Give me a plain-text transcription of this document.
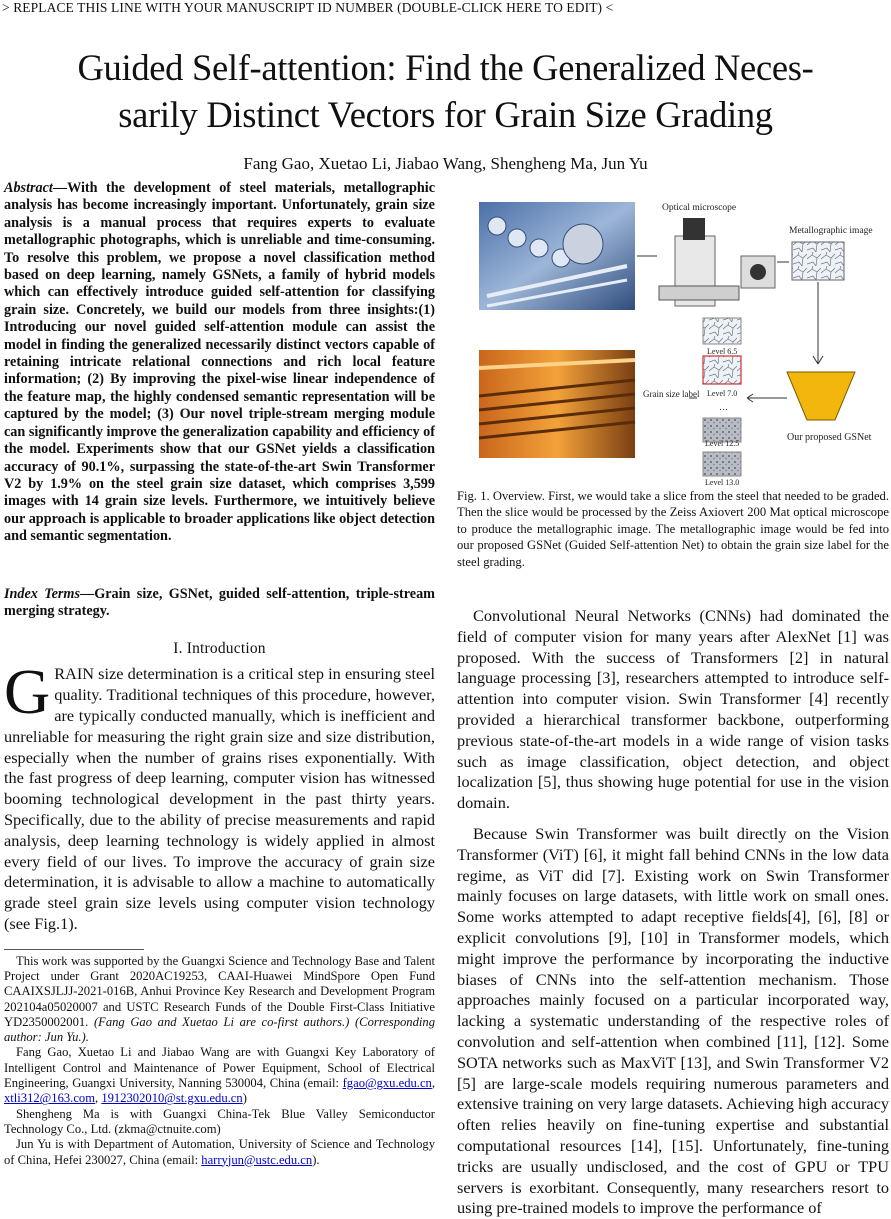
> REPLACE THIS LINE WITH YOUR MANUSCRIPT ID NUMBER (DOUBLE-CLICK HERE TO EDIT) <
Guided Self-attention: Find the Generalized Neces-
sarily Distinct Vectors for Grain Size Grading
Fang Gao, Xuetao Li, Jiabao Wang, Shengheng Ma, Jun Yu
Abstract—With the development of steel materials, metallographic analysis has become increasingly important. Unfortunately, grain size analysis is a manual process that requires experts to evaluate metallographic photographs, which is unreliable and time-consuming. To resolve this problem, we propose a novel classification method based on deep learning, namely GSNets, a family of hybrid models which can effectively introduce guided self-attention for classifying grain size. Concretely, we build our models from three insights:(1) Introducing our novel guided self-attention module can assist the model in finding the generalized necessarily distinct vectors capable of retaining intricate relational connections and rich local feature information; (2) By improving the pixel-wise linear independence of the feature map, the highly condensed semantic representation will be captured by the model; (3) Our novel triple-stream merging module can significantly improve the generalization capability and efficiency of the model. Experiments show that our GSNet yields a classification accuracy of 90.1%, surpassing the state-of-the-art Swin Transformer V2 by 1.9% on the steel grain size dataset, which comprises 3,599 images with 14 grain size levels. Furthermore, we intuitively believe our approach is applicable to broader applications like object detection and semantic segmentation.
Index Terms—Grain size, GSNet, guided self-attention, triple-stream merging strategy.
I. Introduction
GRAIN size determination is a critical step in ensuring steel quality. Traditional techniques of this procedure, however, are typically conducted manually, which is inefficient and unreliable for measuring the right grain size and size distribution, especially when the number of grains rises exponentially. With the fast progress of deep learning, computer vision has witnessed booming technological development in the past thirty years. Specifically, due to the ability of precise measurements and rapid analysis, deep learning technology is widely applied in almost every field of our lives. To improve the accuracy of grain size determination, it is advisable to allow a machine to automatically grade steel grain size levels using computer vision technology (see Fig.1).

This work was supported by the Guangxi Science and Technology Base and Talent Project under Grant 2020AC19253, CAAI-Huawei MindSpore Open Fund CAAIXSJLJJ-2021-016B, Anhui Province Key Research and Development Program 202104a05020007 and USTC Research Funds of the Double First-Class Initiative YD2350002001. (Fang Gao and Xuetao Li are co-first authors.) (Corresponding author: Jun Yu.).

Fang Gao, Xuetao Li and Jiabao Wang are with Guangxi Key Laboratory of Intelligent Control and Maintenance of Power Equipment, School of Electrical Engineering, Guangxi University, Nanning 530004, China (email: fgao@gxu.edu.cn, xtli312@163.com, 1912302010@st.gxu.edu.cn)

Shengheng Ma is with Guangxi China-Tek Blue Valley Semiconductor Technology Co., Ltd. (zkma@ctnuite.com)

Jun Yu is with Department of Automation, University of Science and Technology of China, Hefei 230027, China (email: harryjun@ustc.edu.cn).

Optical microscope
Metallographic image
Level 6.5
Level 7.0
…
Level 12.5
Level 13.0
Grain size label
Our proposed GSNet
Fig. 1. Overview. First, we would take a slice from the steel that needed to be graded. Then the slice would be processed by the Zeiss Axiovert 200 Mat optical microscope to produce the metallographic image. The metallographic image would be fed into our proposed GSNet (Guided Self-attention Net) to obtain the grain size label for the steel grading.

Convolutional Neural Networks (CNNs) had dominated the field of computer vision for many years after AlexNet [1] was proposed. With the success of Transformers [2] in natural language processing [3], researchers attempted to introduce self-attention into computer vision. Swin Transformer [4] recently provided a hierarchical transformer backbone, outperforming previous state-of-the-art models in a wide range of vision tasks such as image classification, object detection, and object localization [5], thus showing huge potential for use in the vision domain.

Because Swin Transformer was built directly on the Vision Transformer (ViT) [6], it might fall behind CNNs in the low data regime, as ViT did [7]. Existing work on Swin Transformer mainly focuses on large datasets, with little work on small ones. Some works attempted to adapt receptive fields[4], [6], [8] or explicit convolutions [9], [10] in Transformer models, which might improve the performance by incorporating the inductive biases of CNNs into the self-attention mechanism. Those approaches mainly focused on a particular incorporated way, lacking a systematic understanding of the respective roles of convolution and self-attention when combined [11], [12]. Some SOTA networks such as MaxViT [13], and Swin Transformer V2 [5] are large-scale models requiring numerous parameters and extensive training on very large datasets. Achieving high accuracy often relies heavily on fine-tuning expertise and substantial computational resources [14], [15]. Unfortunately, fine-tuning tricks are usually undisclosed, and the cost of GPU or TPU servers is exorbitant. Consequently, many researchers resort to using pre-trained models to improve the performance of
